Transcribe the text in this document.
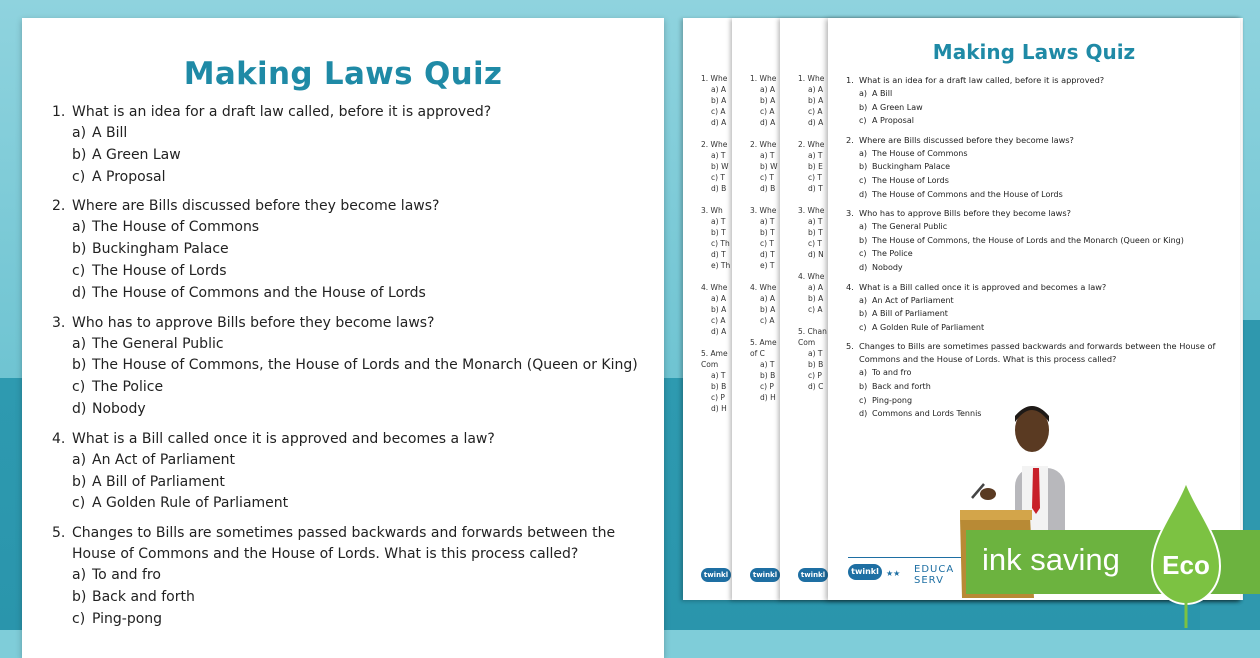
Making Laws Quiz
1. What is an idea for a draft law called, before it is approved?
a) A Bill
b) A Green Law
c) A Proposal
2. Where are Bills discussed before they become laws?
a) The House of Commons
b) Buckingham Palace
c) The House of Lords
d) The House of Commons and the House of Lords
3. Who has to approve Bills before they become laws?
a) The General Public
b) The House of Commons, the House of Lords and the Monarch (Queen or King)
c) The Police
d) Nobody
4. What is a Bill called once it is approved and becomes a law?
a) An Act of Parliament
b) A Bill of Parliament
c) A Golden Rule of Parliament
5. Changes to Bills are sometimes passed backwards and forwards between the House of Commons and the House of Lords. What is this process called?
a) To and fro
b) Back and forth
c) Ping-pong
1. Whe
a) A
b) A
c) A
d) A

2. Whe
a) T
b) W
c) T
d) B

3. Wh
a) T
b) T
c) Th
d) T
e) Th

4. Whe
a) A
b) A
c) A
d) A

5. Ame
Com
a) T
b) B
c) P
d) H
twinkl
1. Whe
a) A
b) A
c) A
d) A

2. Whe
a) T
b) W
c) T
d) B

3. Whe
a) T
b) T
c) T
d) T
e) T

4. Whe
a) A
b) A
c) A

5. Ame
of C
a) T
b) B
c) P
d) H
twinkl
1. Whe
a) A
b) A
c) A
d) A

2. Whe
a) T
b) E
c) T
d) T

3. Whe
a) T
b) T
c) T
d) N

4. Whe
a) A
b) A
c) A

5. Chan
Com
a) T
b) B
c) P
d) C
twinkl
Making Laws Quiz
1. What is an idea for a draft law called, before it is approved?
a) A Bill
b) A Green Law
c) A Proposal
2. Where are Bills discussed before they become laws?
a) The House of Commons
b) Buckingham Palace
c) The House of Lords
d) The House of Commons and the House of Lords
3. Who has to approve Bills before they become laws?
a) The General Public
b) The House of Commons, the House of Lords and the Monarch (Queen or King)
c) The Police
d) Nobody
4. What is a Bill called once it is approved and becomes a law?
a) An Act of Parliament
b) A Bill of Parliament
c) A Golden Rule of Parliament
5. Changes to Bills are sometimes passed backwards and forwards between the House of Commons and the House of Lords. What is this process called?
a) To and fro
b) Back and forth
c) Ping-pong
d) Commons and Lords Tennis
twinkl ★★ EDUCA
SERV
ink saving Eco
